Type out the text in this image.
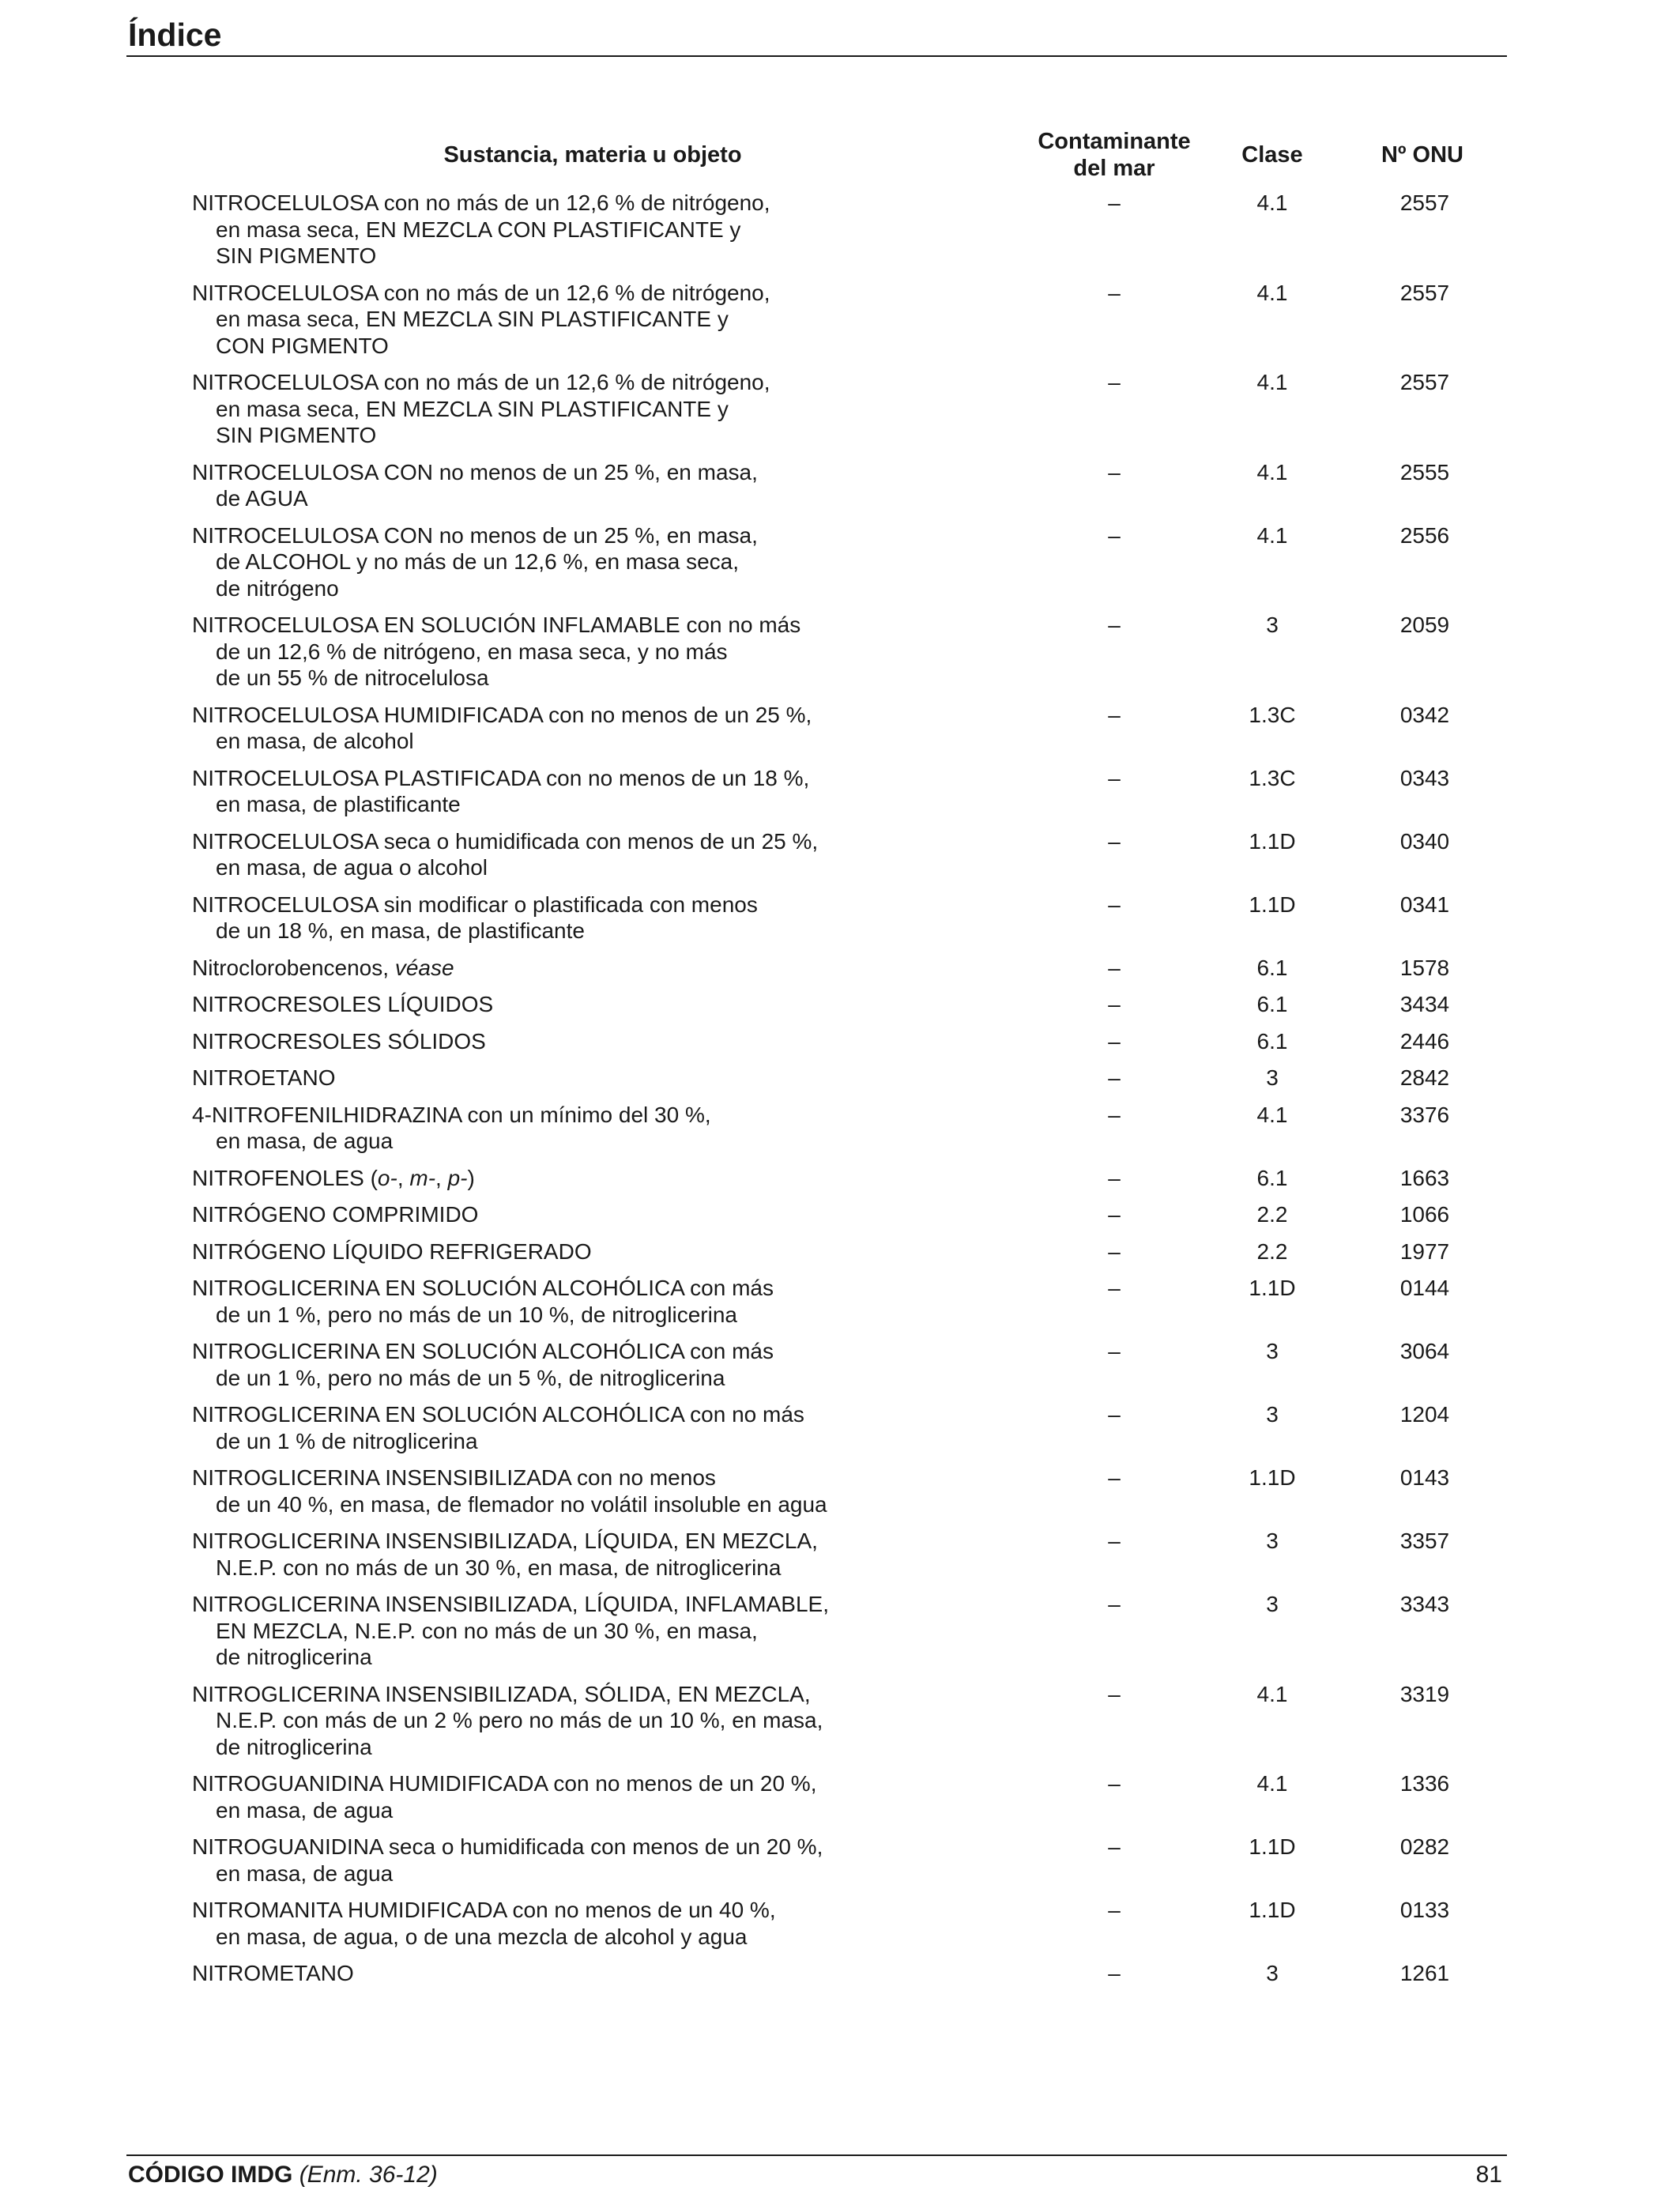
Índice
Sustancia, materia u objeto
Contaminante
del mar
Clase	Nº ONU
NITROCELULOSA con no más de un 12,6 % de nitrógeno,
en masa seca, EN MEZCLA CON PLASTIFICANTE y
SIN PIGMENTO
–	4.1	2557
NITROCELULOSA con no más de un 12,6 % de nitrógeno,
en masa seca, EN MEZCLA SIN PLASTIFICANTE y
CON PIGMENTO
–	4.1	2557
NITROCELULOSA con no más de un 12,6 % de nitrógeno,
en masa seca, EN MEZCLA SIN PLASTIFICANTE y
SIN PIGMENTO
–	4.1	2557
NITROCELULOSA CON no menos de un 25 %, en masa,
de AGUA
–	4.1	2555
NITROCELULOSA CON no menos de un 25 %, en masa,
de ALCOHOL y no más de un 12,6 %, en masa seca,
de nitrógeno
–	4.1	2556
NITROCELULOSA EN SOLUCIÓN INFLAMABLE con no más
de un 12,6 % de nitrógeno, en masa seca, y no más
de un 55 % de nitrocelulosa
–	3	2059
NITROCELULOSA HUMIDIFICADA con no menos de un 25 %,
en masa, de alcohol
–	1.3C	0342
NITROCELULOSA PLASTIFICADA con no menos de un 18 %,
en masa, de plastificante
–	1.3C	0343
NITROCELULOSA seca o humidificada con menos de un 25 %,
en masa, de agua o alcohol
–	1.1D	0340
NITROCELULOSA sin modificar o plastificada con menos
de un 18 %, en masa, de plastificante
–	1.1D	0341
Nitroclorobencenos, véase	–	6.1	1578
NITROCRESOLES LÍQUIDOS	–	6.1	3434
NITROCRESOLES SÓLIDOS	–	6.1	2446
NITROETANO	–	3	2842
4-NITROFENILHIDRAZINA con un mínimo del 30 %,
en masa, de agua
–	4.1	3376
NITROFENOLES (o-, m-, p-)	–	6.1	1663
NITRÓGENO COMPRIMIDO	–	2.2	1066
NITRÓGENO LÍQUIDO REFRIGERADO	–	2.2	1977
NITROGLICERINA EN SOLUCIÓN ALCOHÓLICA con más
de un 1 %, pero no más de un 10 %, de nitroglicerina
–	1.1D	0144
NITROGLICERINA EN SOLUCIÓN ALCOHÓLICA con más
de un 1 %, pero no más de un 5 %, de nitroglicerina
–	3	3064
NITROGLICERINA EN SOLUCIÓN ALCOHÓLICA con no más
de un 1 % de nitroglicerina
–	3	1204
NITROGLICERINA INSENSIBILIZADA con no menos
de un 40 %, en masa, de flemador no volátil insoluble en agua
–	1.1D	0143
NITROGLICERINA INSENSIBILIZADA, LÍQUIDA, EN MEZCLA,
N.E.P. con no más de un 30 %, en masa, de nitroglicerina
–	3	3357
NITROGLICERINA INSENSIBILIZADA, LÍQUIDA, INFLAMABLE,
EN MEZCLA, N.E.P. con no más de un 30 %, en masa,
de nitroglicerina
–	3	3343
NITROGLICERINA INSENSIBILIZADA, SÓLIDA, EN MEZCLA,
N.E.P. con más de un 2 % pero no más de un 10 %, en masa,
de nitroglicerina
–	4.1	3319
NITROGUANIDINA HUMIDIFICADA con no menos de un 20 %,
en masa, de agua
–	4.1	1336
NITROGUANIDINA seca o humidificada con menos de un 20 %,
en masa, de agua
–	1.1D	0282
NITROMANITA HUMIDIFICADA con no menos de un 40 %,
en masa, de agua, o de una mezcla de alcohol y agua
–	1.1D	0133
NITROMETANO	–	3	1261
CÓDIGO IMDG (Enm. 36-12)	81
